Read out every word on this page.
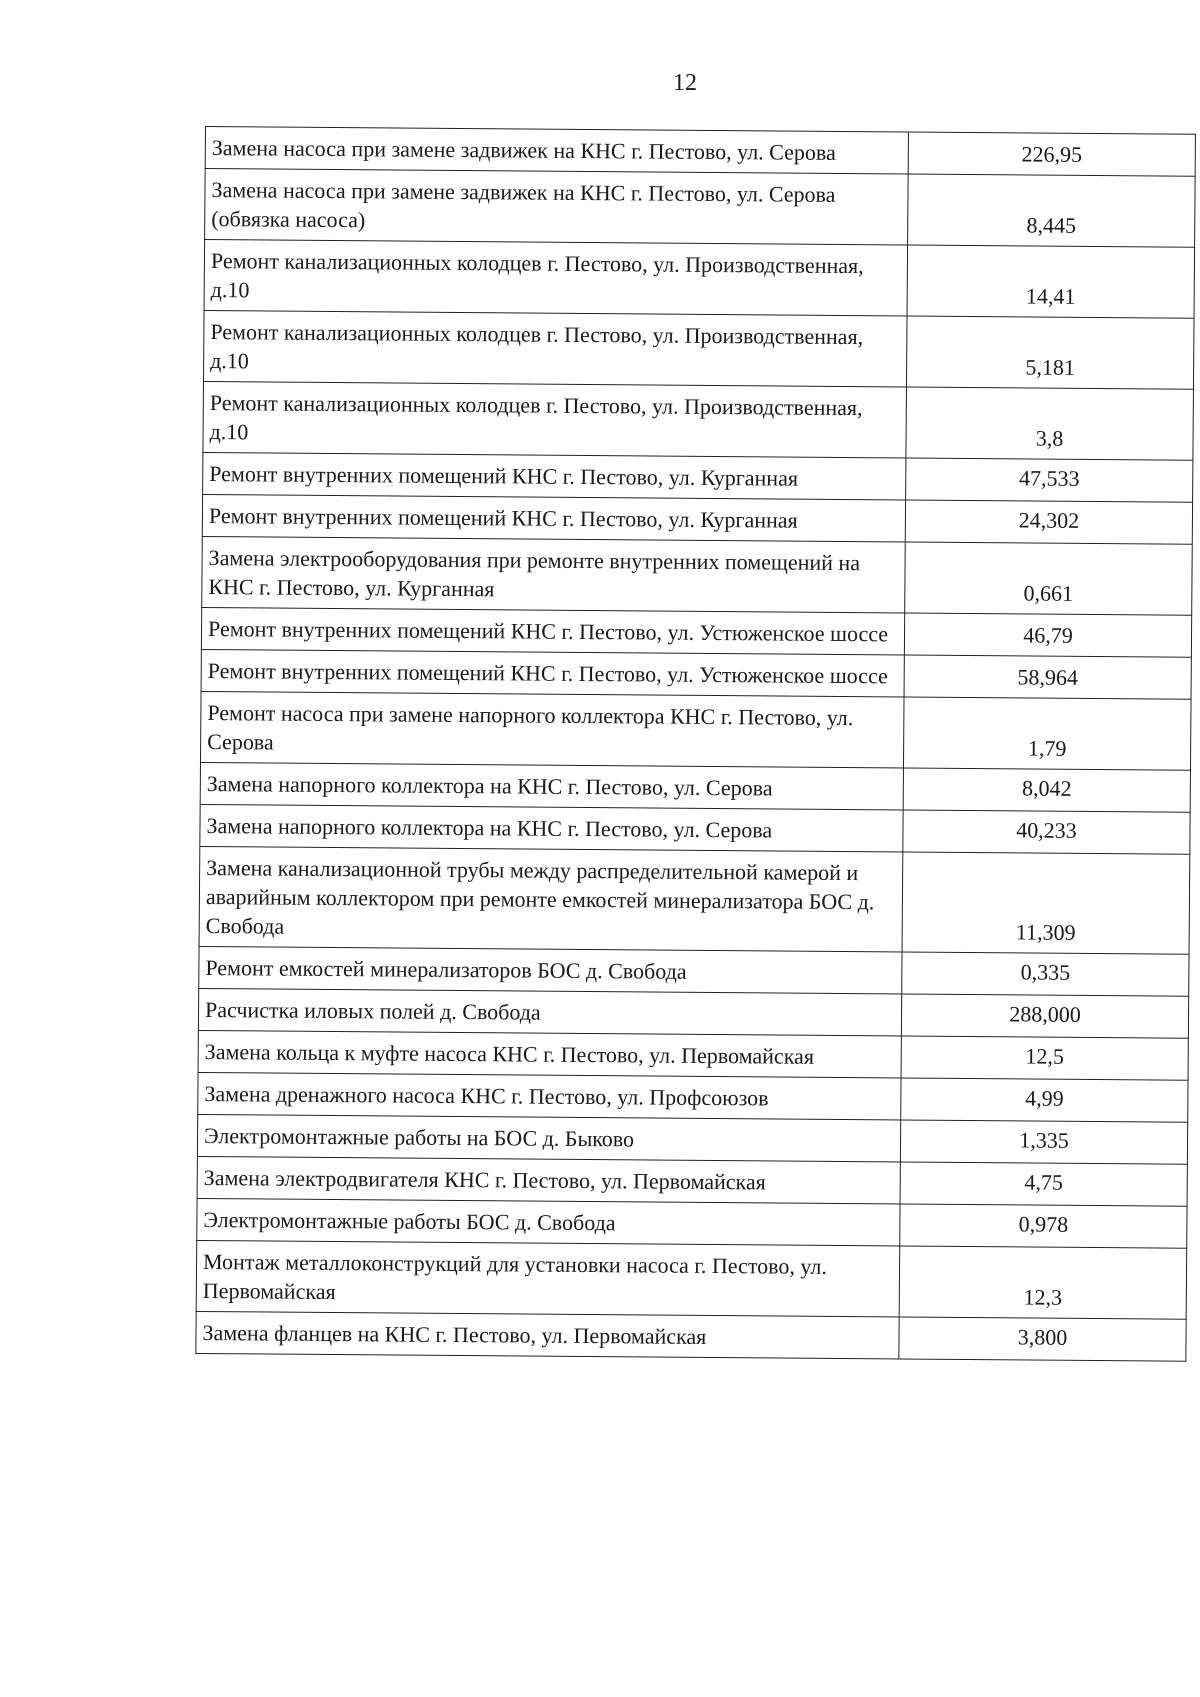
12
Замена насоса при замене задвижек на КНС г. Пестово, ул. Серова	226,95
Замена насоса при замене задвижек на КНС г. Пестово, ул. Серова (обвязка насоса)	8,445
Ремонт канализационных колодцев г. Пестово, ул. Производственная, д.10	14,41
Ремонт канализационных колодцев г. Пестово, ул. Производственная, д.10	5,181
Ремонт канализационных колодцев г. Пестово, ул. Производственная, д.10	3,8
Ремонт внутренних помещений КНС г. Пестово, ул. Курганная	47,533
Ремонт внутренних помещений КНС г. Пестово, ул. Курганная	24,302
Замена электрооборудования при ремонте внутренних помещений на КНС г. Пестово, ул. Курганная	0,661
Ремонт внутренних помещений КНС г. Пестово, ул. Устюженское шоссе	46,79
Ремонт внутренних помещений КНС г. Пестово, ул. Устюженское шоссе	58,964
Ремонт насоса при замене напорного коллектора КНС г. Пестово, ул. Серова	1,79
Замена напорного коллектора на КНС г. Пестово, ул. Серова	8,042
Замена напорного коллектора на КНС г. Пестово, ул. Серова	40,233
Замена канализационной трубы между распределительной камерой и аварийным коллектором при ремонте емкостей минерализатора БОС д. Свобода	11,309
Ремонт емкостей минерализаторов БОС д. Свобода	0,335
Расчистка иловых полей д. Свобода	288,000
Замена кольца к муфте насоса КНС г. Пестово, ул. Первомайская	12,5
Замена дренажного насоса КНС г. Пестово, ул. Профсоюзов	4,99
Электромонтажные работы на БОС д. Быково	1,335
Замена электродвигателя КНС г. Пестово, ул. Первомайская	4,75
Электромонтажные работы БОС д. Свобода	0,978
Монтаж металлоконструкций для установки насоса г. Пестово, ул. Первомайская	12,3
Замена фланцев на КНС г. Пестово, ул. Первомайская	3,800
